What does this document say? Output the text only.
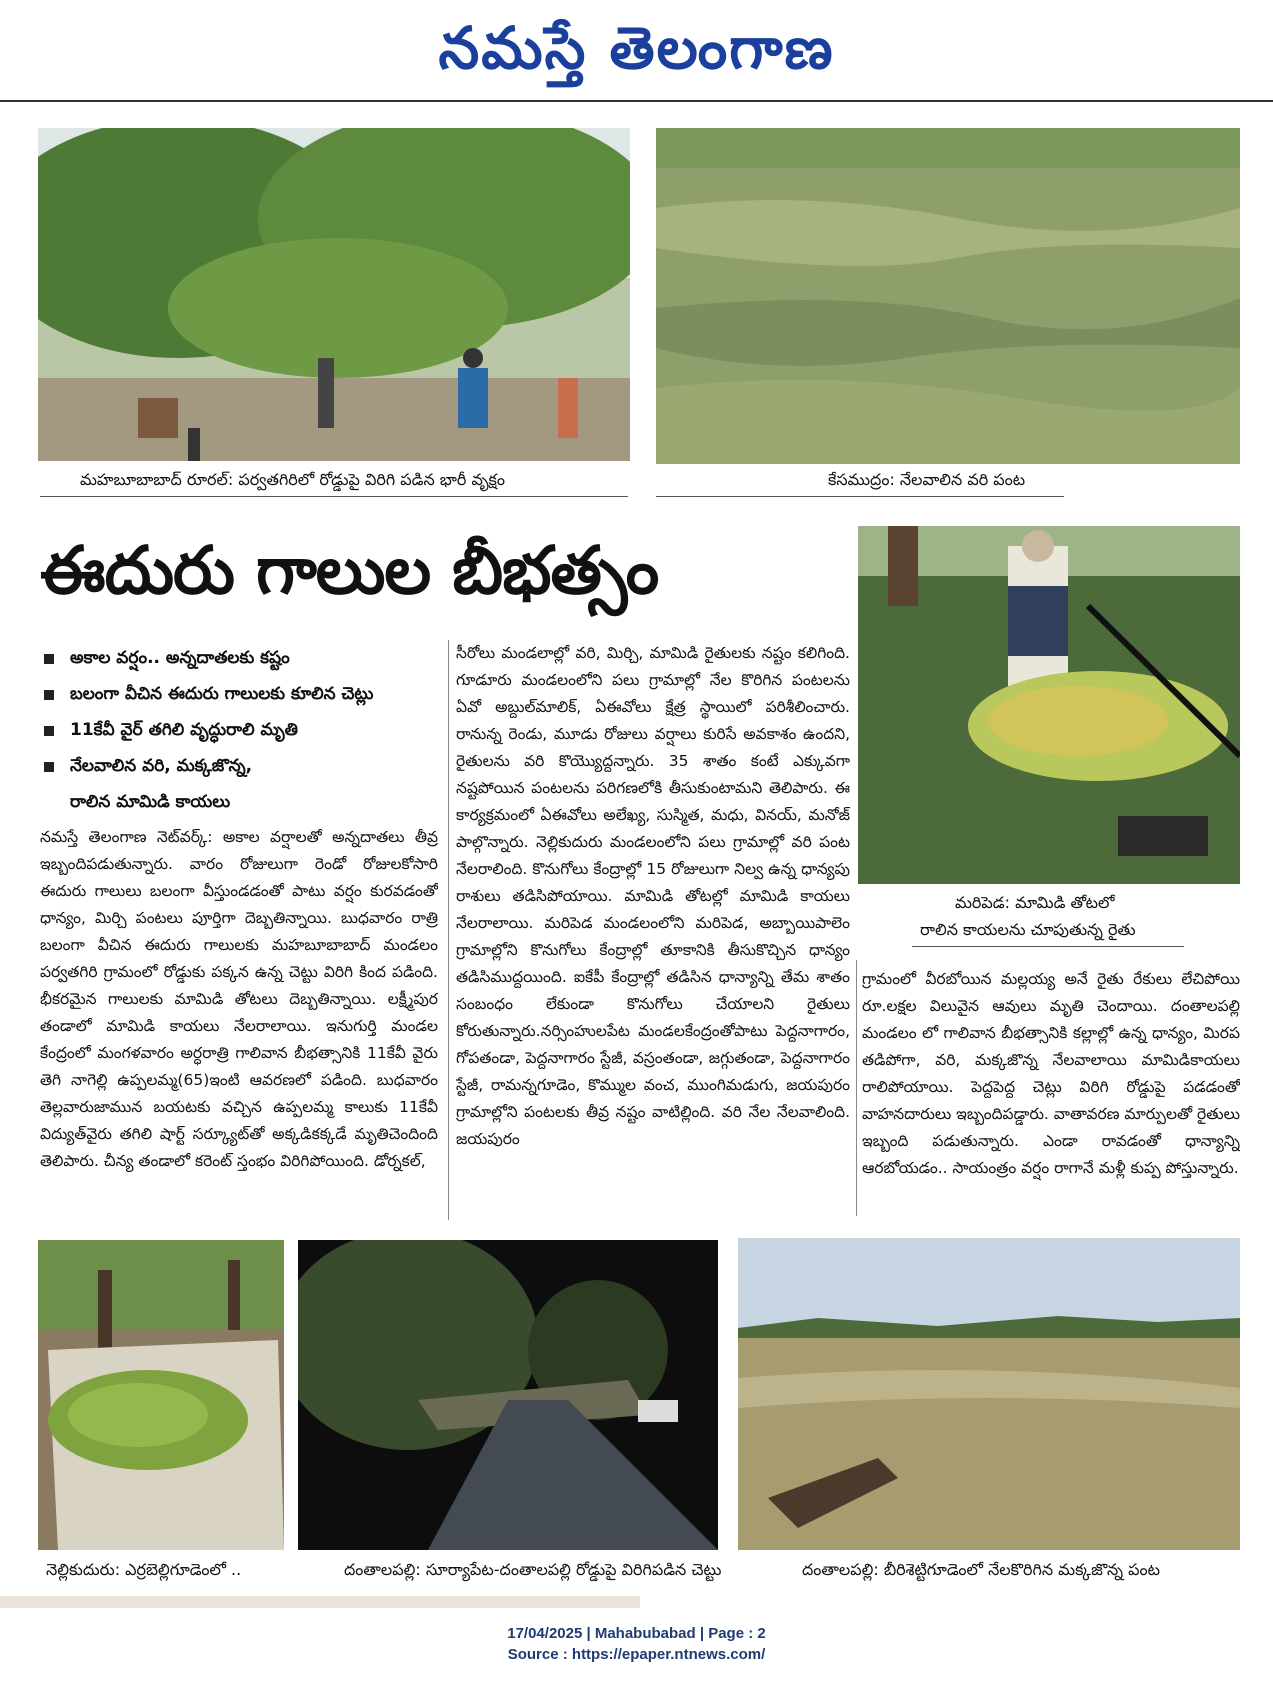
నమస్తే తెలంగాణ
మహబూబాబాద్ రూరల్: పర్వతగిరిలో రోడ్డుపై విరిగి పడిన భారీ వృక్షం	కేసముద్రం: నేలవాలిన వరి పంట
ఈదురు గాలుల బీభత్సం
మరిపెడ: మామిడి తోటలో
రాలిన కాయలను చూపుతున్న రైతు
అకాల వర్షం.. అన్నదాతలకు కష్టం
బలంగా వీచిన ఈదురు గాలులకు కూలిన చెట్లు
11కేవీ వైర్ తగిలి వృద్ధురాలి మృతి
నేలవాలిన వరి, మక్కజొన్న,
రాలిన మామిడి కాయలు

నమస్తే తెలంగాణ నెట్‌వర్క్: అకాల వర్షాలతో అన్నదాతలు తీవ్ర ఇబ్బందిపడుతున్నారు. వారం రోజులుగా రెండో రోజులకోసారి ఈదురు గాలులు బలంగా వీస్తుండడంతో పాటు వర్షం కురవడంతో ధాన్యం, మిర్చి పంటలు పూర్తిగా దెబ్బతిన్నాయి. బుధవారం రాత్రి బలంగా వీచిన ఈదురు గాలులకు మహబూబాబాద్ మండలం పర్వతగిరి గ్రామంలో రోడ్డుకు పక్కన ఉన్న చెట్టు విరిగి కింద పడింది. భీకరమైన గాలులకు మామిడి తోటలు దెబ్బతిన్నాయి. లక్ష్మీపుర తండాలో మామిడి కాయలు నేలరాలాయి. ఇనుగుర్తి మండల కేంద్రంలో మంగళవారం అర్ధరాత్రి గాలివాన బీభత్సానికి 11కేవీ వైరు తెగి నాగెల్లి ఉప్పలమ్మ(65)ఇంటి ఆవరణలో పడింది. బుధవారం తెల్లవారుజామున బయటకు వచ్చిన ఉప్పలమ్మ కాలుకు 11కేవీ విద్యుత్‌వైరు తగిలి షార్ట్ సర్క్యూట్‌తో అక్కడికక్కడే మృతిచెందింది తెలిపారు. చీన్య తండాలో కరెంట్ స్తంభం విరిగిపోయింది. డోర్నకల్,

సీరోలు మండలాల్లో వరి, మిర్చి, మామిడి రైతులకు నష్టం కలిగింది. గూడూరు మండలంలోని పలు గ్రామాల్లో నేల కొరిగిన పంటలను ఏవో అబ్దుల్‌మాలిక్, ఏఈవోలు క్షేత్ర స్థాయిలో పరిశీలించారు. రానున్న రెండు, మూడు రోజులు వర్షాలు కురిసే అవకాశం ఉందని, రైతులను వరి కొయ్యొద్దన్నారు. 35 శాతం కంటే ఎక్కువగా నష్టపోయిన పంటలను పరిగణలోకి తీసుకుంటామని తెలిపారు. ఈ కార్యక్రమంలో ఏఈవోలు అలేఖ్య, సుస్మిత, మధు, వినయ్, మనోజ్ పాల్గొన్నారు. నెల్లికుదురు మండలంలోని పలు గ్రామాల్లో వరి పంట నేలరాలింది. కొనుగోలు కేంద్రాల్లో 15 రోజులుగా నిల్వ ఉన్న ధాన్యపు రాశులు తడిసిపోయాయి. మామిడి తోటల్లో మామిడి కాయలు నేలరాలాయి. మరిపెడ మండలంలోని మరిపెడ, అబ్బాయిపాలెం గ్రామాల్లోని కొనుగోలు కేంద్రాల్లో తూకానికి తీసుకొచ్చిన ధాన్యం తడిసిముద్దయింది. ఐకేపీ కేంద్రాల్లో తడిసిన ధాన్యాన్ని తేమ శాతం సంబంధం లేకుండా కొనుగోలు చేయాలని రైతులు కోరుతున్నారు.నర్సింహులపేట మండలకేంద్రంతోపాటు పెద్దనాగారం, గోపతండా, పెద్దనాగారం స్టేజీ, వస్రంతండా, జగ్గుతండా, పెద్దనాగారం స్టేజీ, రామన్నగూడెం, కొమ్ముల వంచ, ముంగిమడుగు, జయపురం గ్రామాల్లోని పంటలకు తీవ్ర నష్టం వాటిల్లింది. వరి నేల నేలవాలింది. జయపురం

గ్రామంలో వీరబోయిన మల్లయ్య అనే రైతు రేకులు లేచిపోయి రూ.లక్షల విలువైన ఆవులు మృతి చెందాయి. దంతాలపల్లి మండలం లో గాలివాన బీభత్సానికి కల్లాల్లో ఉన్న ధాన్యం, మిరప తడిపోగా, వరి, మక్కజొన్న నేలవాలాయి మామిడికాయలు రాలిపోయాయి. పెద్దపెద్ద చెట్లు విరిగి రోడ్డుపై పడడంతో వాహనదారులు ఇబ్బందిపడ్డారు. వాతావరణ మార్పులతో రైతులు ఇబ్బంది పడుతున్నారు. ఎండా రావడంతో ధాన్యాన్ని ఆరబోయడం.. సాయంత్రం వర్షం రాగానే మళ్లీ కుప్ప పోస్తున్నారు.

నెల్లికుదురు: ఎర్రబెల్లిగూడెంలో ..	దంతాలపల్లి: సూర్యాపేట-దంతాలపల్లి రోడ్డుపై విరిగిపడిన చెట్టు	దంతాలపల్లి: బీరిశెట్టిగూడెంలో నేలకొరిగిన మక్కజొన్న పంట
17/04/2025 | Mahabubabad | Page : 2
Source : https://epaper.ntnews.com/
